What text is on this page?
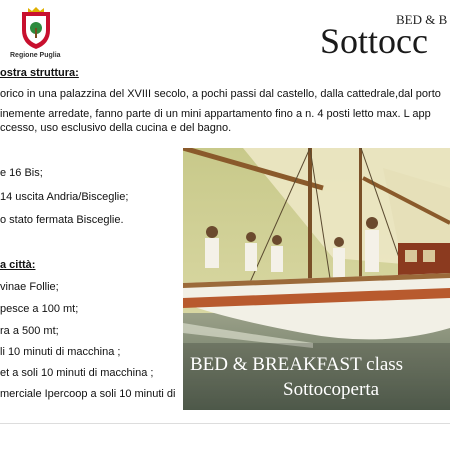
Regione Puglia
BED & B
Sottocc
ostra struttura:
orico in una palazzina del XVIII secolo, a pochi passi dal castello, dalla cattedrale,dal porto
inemente arredate, fanno parte di un mini appartamento fino a n. 4 posti letto max. L app
ccesso, uso esclusivo della cucina e del bagno.
e 16 Bis;
14 uscita Andria/Bisceglie;
o stato fermata Bisceglie.
a città:
vinae Follie;
pesce a 100 mt;
ra a 500 mt;
li 10 minuti di macchina ;
et a soli 10 minuti di macchina ;
merciale Ipercoop a soli 10 minuti di
BED & BREAKFAST class
Sottocoperta
